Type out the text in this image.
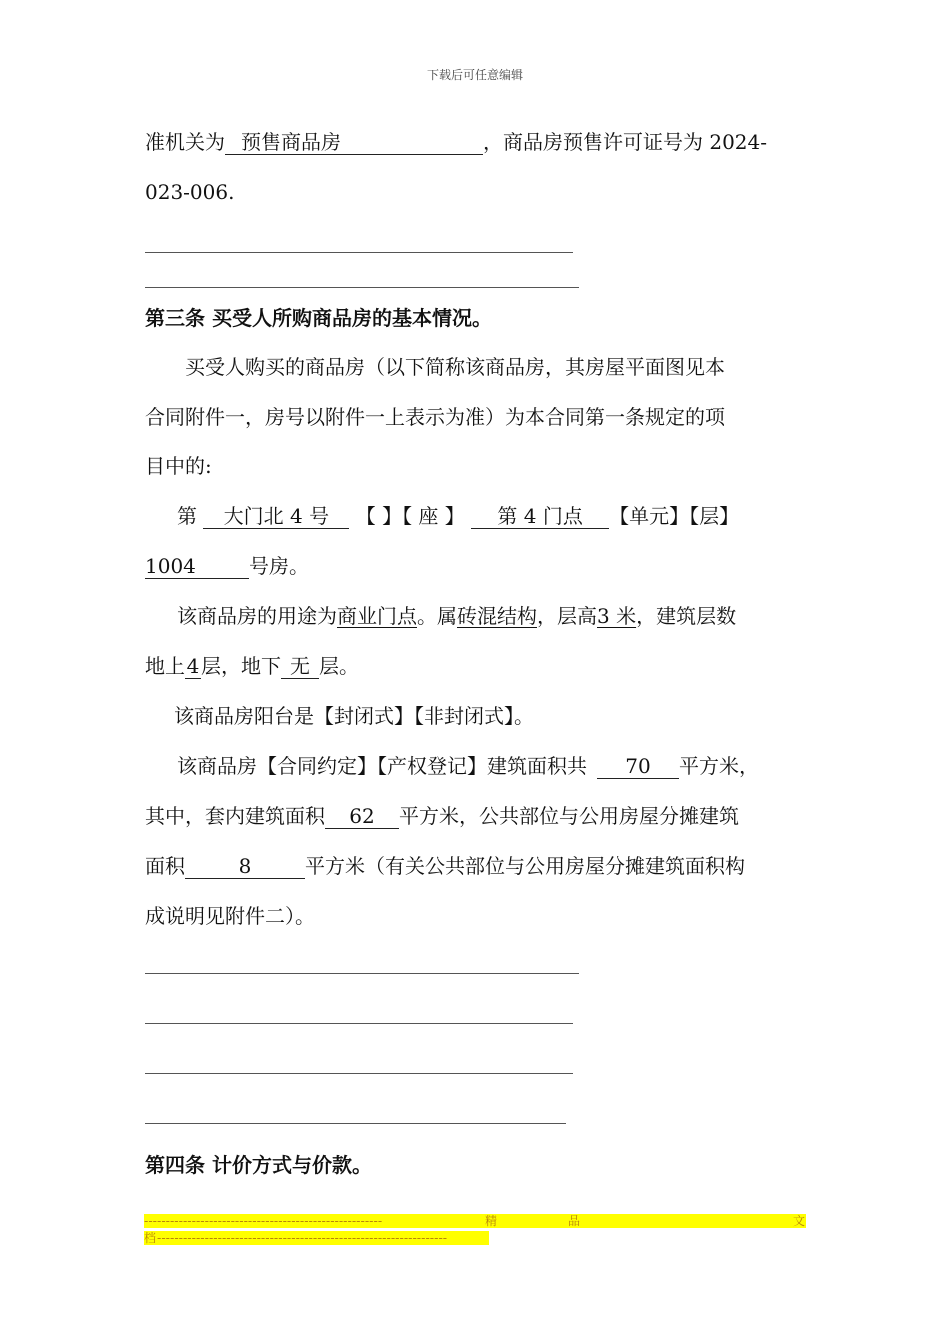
下载后可任意编辑
准机关为 预售商品房	，商品房预售许可证号为 2024-
023-006.
第三条 买受人所购商品房的基本情况。
买受人购买的商品房（以下简称该商品房，其房屋平面图见本
合同附件一，房号以附件一上表示为准）为本合同第一条规定的项
目中的:
第 大门北 4 号 【 】【 座 】 第 4 门点 【单元】【层】
1004	号房。
该商品房的用途为商业门点。属砖混结构，层高3 米，建筑层数
地上4层，地下 无 层。
该商品房阳台是【封闭式】【非封闭式】。
该商品房【合同约定】【产权登记】建筑面积共 70 平方米，
其中，套内建筑面积 62 平方米，公共部位与公用房屋分摊建筑
面积	8	平方米（有关公共部位与公用房屋分摊建筑面积构
成说明见附件二）。
第四条 计价方式与价款。
-------------------------------------------------------	精	品	文
档 -------------------------------------------------------------------
